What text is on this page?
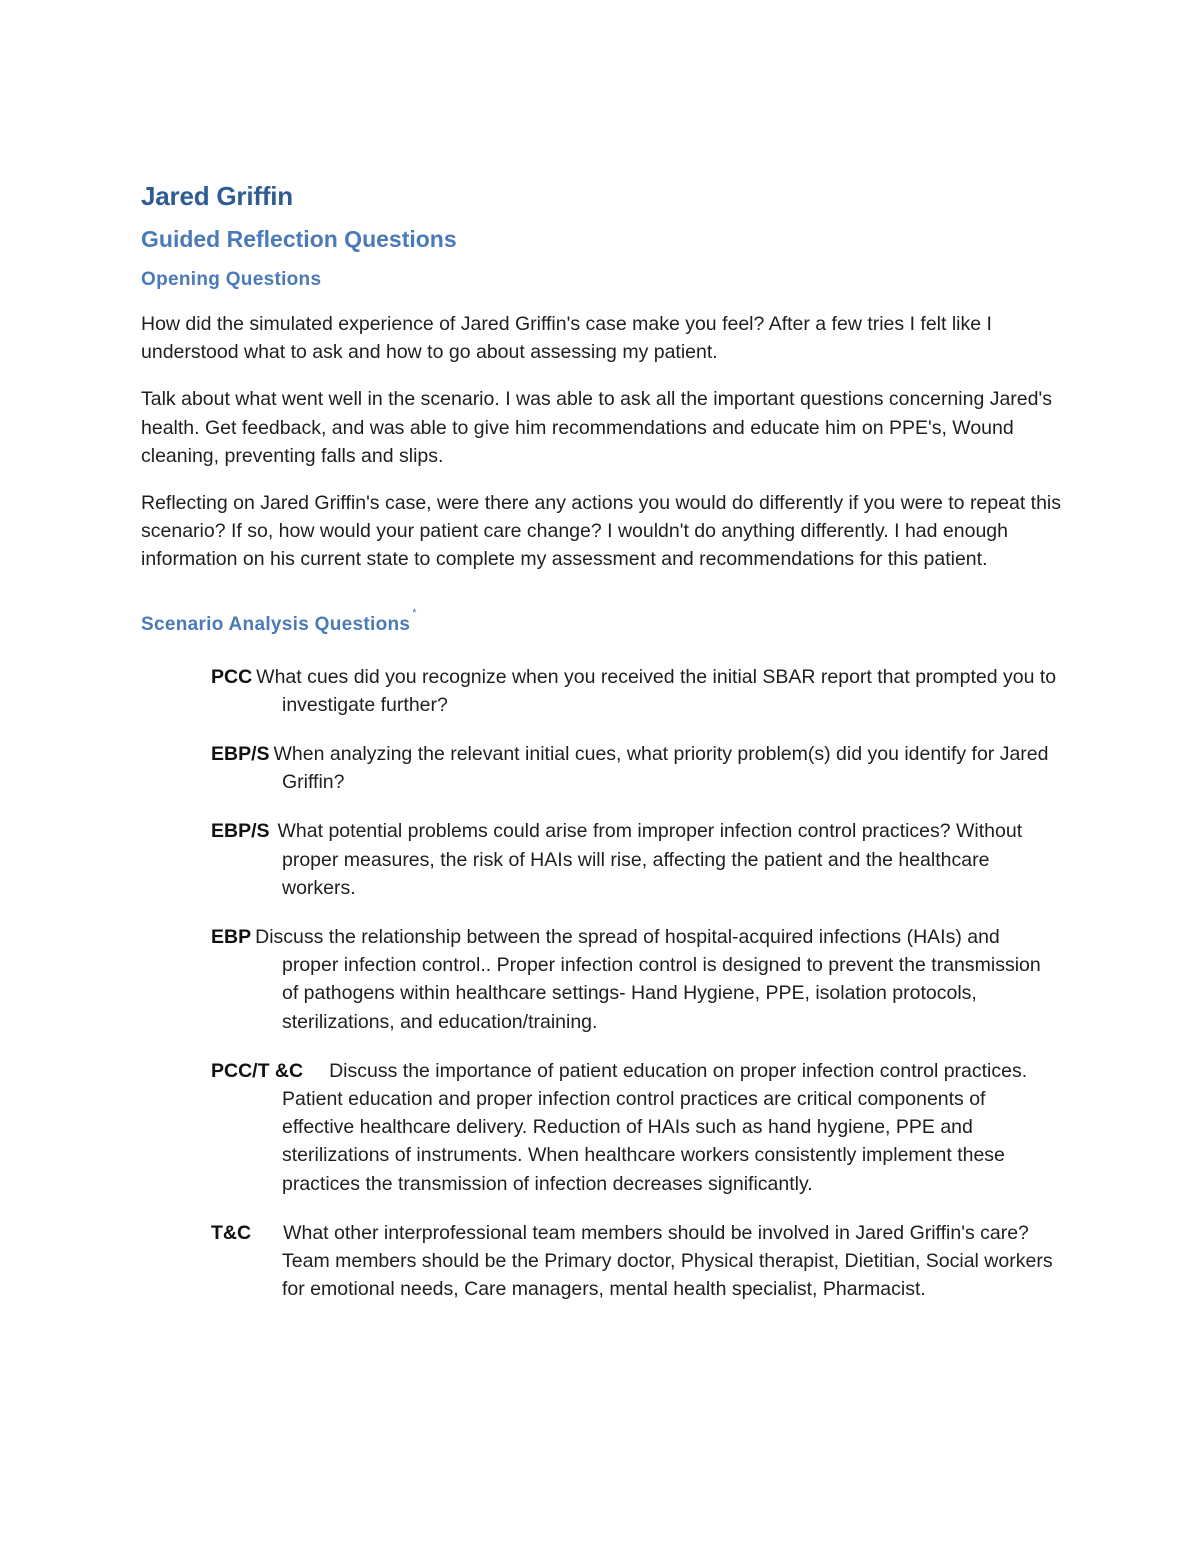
Jared Griffin
Guided Reflection Questions
Opening Questions

How did the simulated experience of Jared Griffin's case make you feel? After a few tries I felt like I understood what to ask and how to go about assessing my patient.

Talk about what went well in the scenario. I was able to ask all the important questions concerning Jared's health. Get feedback, and was able to give him recommendations and educate him on PPE's, Wound cleaning, preventing falls and slips.

Reflecting on Jared Griffin's case, were there any actions you would do differently if you were to repeat this scenario? If so, how would your patient care change? I wouldn't do anything differently. I had enough information on his current state to complete my assessment and recommendations for this patient.

Scenario Analysis Questions*

PCC What cues did you recognize when you received the initial SBAR report that prompted you to investigate further?

EBP/S When analyzing the relevant initial cues, what priority problem(s) did you identify for Jared Griffin?

EBP/S What potential problems could arise from improper infection control practices? Without proper measures, the risk of HAIs will rise, affecting the patient and the healthcare workers.

EBP Discuss the relationship between the spread of hospital-acquired infections (HAIs) and proper infection control.. Proper infection control is designed to prevent the transmission of pathogens within healthcare settings- Hand Hygiene, PPE, isolation protocols, sterilizations, and education/training.

PCC/T &C Discuss the importance of patient education on proper infection control practices. Patient education and proper infection control practices are critical components of effective healthcare delivery. Reduction of HAIs such as hand hygiene, PPE and sterilizations of instruments. When healthcare workers consistently implement these practices the transmission of infection decreases significantly.

T&C What other interprofessional team members should be involved in Jared Griffin's care? Team members should be the Primary doctor, Physical therapist, Dietitian, Social workers for emotional needs, Care managers, mental health specialist, Pharmacist.
